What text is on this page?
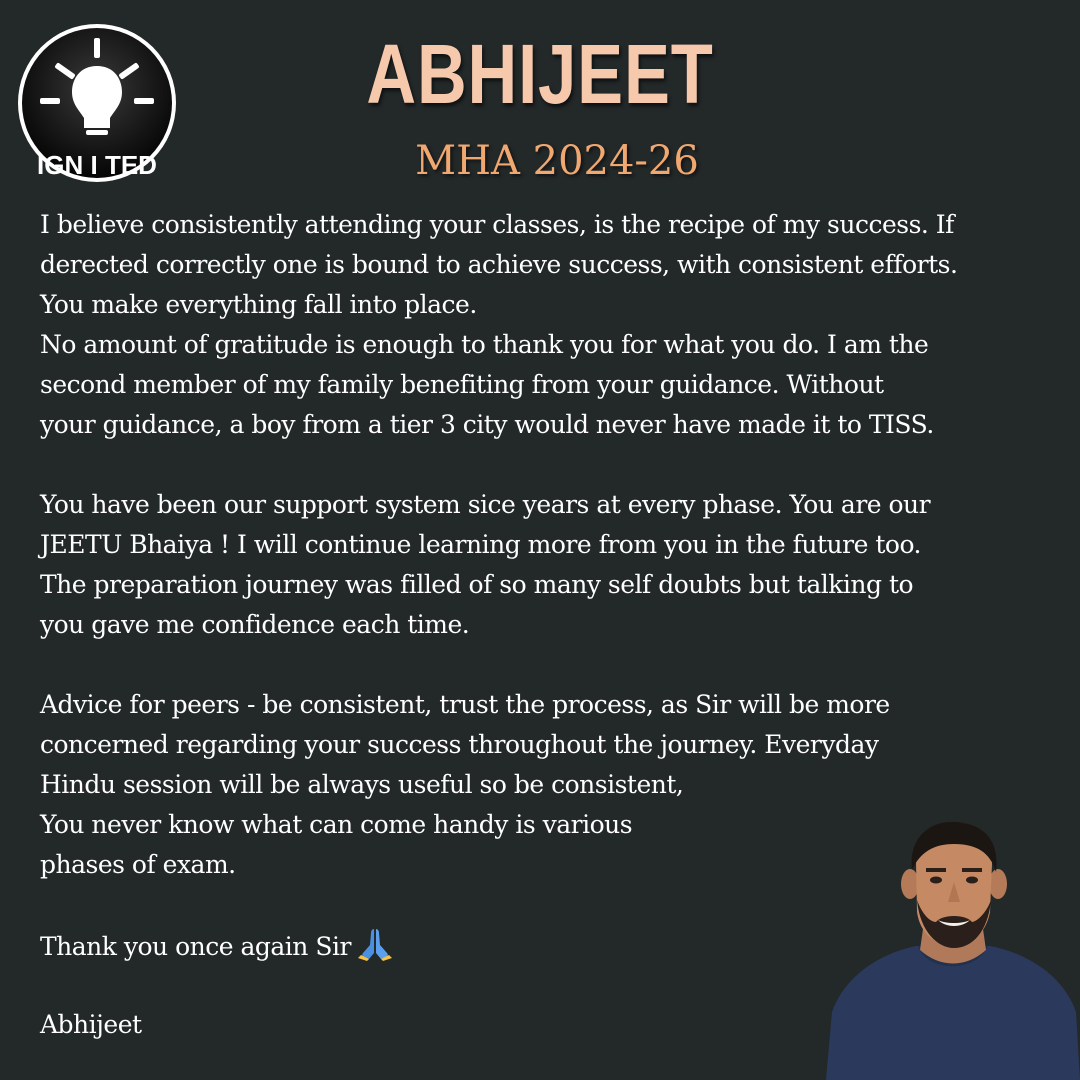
IGN I TED
ABHIJEET
MHA 2024-26
I believe consistently attending your classes, is the recipe of my success. If
derected correctly one is bound to achieve success, with consistent efforts.
You make everything fall into place.
No amount of gratitude is enough to thank you for what you do. I am the
second member of my family benefiting from your guidance. Without
your guidance, a boy from a tier 3 city would never have made it to TISS.
You have been our support system sice years at every phase. You are our
JEETU Bhaiya ! I will continue learning more from you in the future too.
The preparation journey was filled of so many self doubts but talking to
you gave me confidence each time.
Advice for peers - be consistent, trust the process, as Sir will be more
concerned regarding your success throughout the journey. Everyday
Hindu session will be always useful so be consistent,
You never know what can come handy is various
phases of exam.
Thank you once again Sir
Abhijeet
